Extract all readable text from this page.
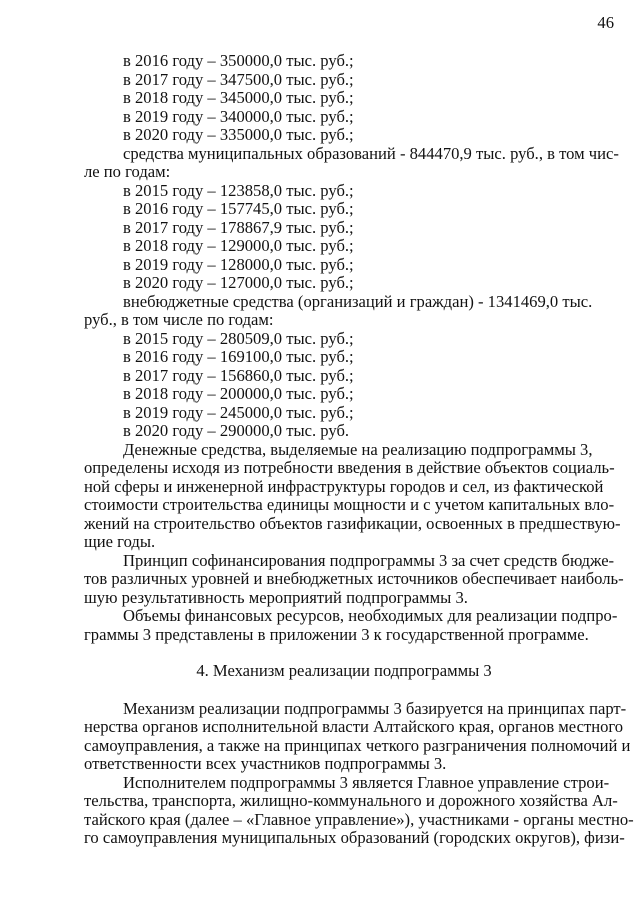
46
в 2016 году – 350000,0 тыс. руб.;
в 2017 году – 347500,0 тыс. руб.;
в 2018 году – 345000,0 тыс. руб.;
в 2019 году – 340000,0 тыс. руб.;
в 2020 году – 335000,0 тыс. руб.;
средства муниципальных образований - 844470,9 тыс. руб., в том чис-
ле по годам:
в 2015 году – 123858,0 тыс. руб.;
в 2016 году – 157745,0 тыс. руб.;
в 2017 году – 178867,9 тыс. руб.;
в 2018 году – 129000,0 тыс. руб.;
в 2019 году – 128000,0 тыс. руб.;
в 2020 году – 127000,0 тыс. руб.;
внебюджетные средства (организаций и граждан) - 1341469,0 тыс.
руб., в том числе по годам:
в 2015 году – 280509,0 тыс. руб.;
в 2016 году – 169100,0 тыс. руб.;
в 2017 году – 156860,0 тыс. руб.;
в 2018 году – 200000,0 тыс. руб.;
в 2019 году – 245000,0 тыс. руб.;
в 2020 году – 290000,0 тыс. руб.
Денежные средства, выделяемые на реализацию подпрограммы 3,
определены исходя из потребности введения в действие объектов социаль-
ной сферы и инженерной инфраструктуры городов и сел, из фактической
стоимости строительства единицы мощности и с учетом капитальных вло-
жений на строительство объектов газификации, освоенных в предшествую-
щие годы.
Принцип софинансирования подпрограммы 3 за счет средств бюдже-
тов различных уровней и внебюджетных источников обеспечивает наиболь-
шую результативность мероприятий подпрограммы 3.
Объемы финансовых ресурсов, необходимых для реализации подпро-
граммы 3 представлены в приложении 3 к государственной программе.
4. Механизм реализации подпрограммы 3
Механизм реализации подпрограммы 3 базируется на принципах парт-
нерства органов исполнительной власти Алтайского края, органов местного
самоуправления, а также на принципах четкого разграничения полномочий и
ответственности всех участников подпрограммы 3.
Исполнителем подпрограммы 3 является Главное управление строи-
тельства, транспорта, жилищно-коммунального и дорожного хозяйства Ал-
тайского края (далее – «Главное управление»), участниками - органы местно-
го самоуправления муниципальных образований (городских округов), физи-
